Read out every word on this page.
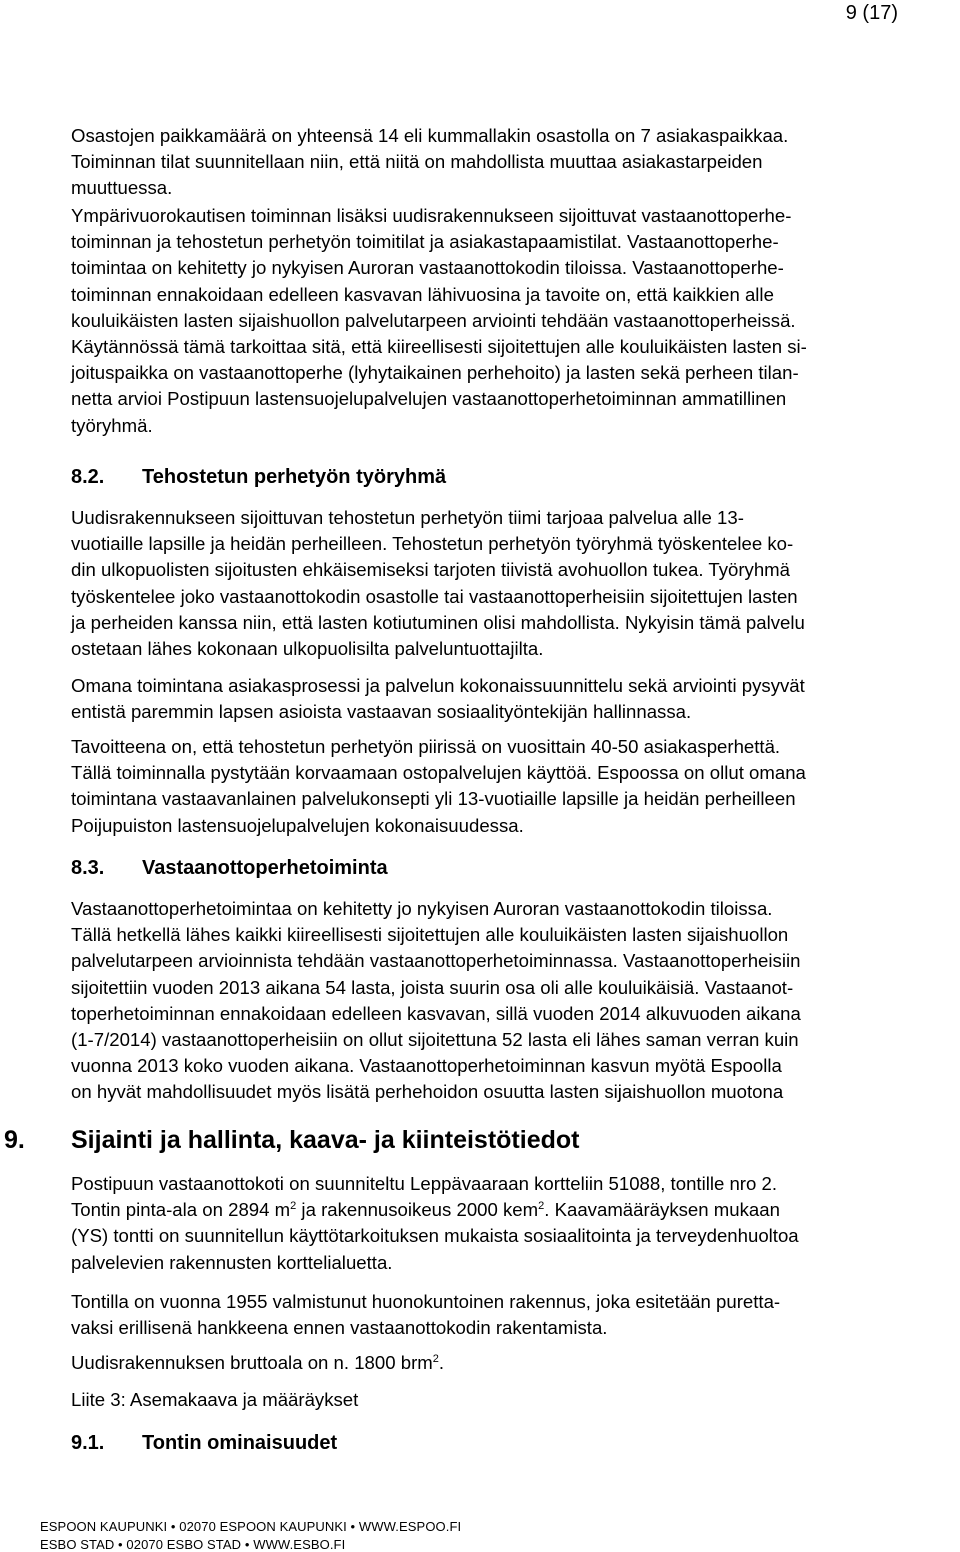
9 (17)

Osastojen paikkamäärä on yhteensä 14 eli kummallakin osastolla on 7 asiakaspaikkaa.
Toiminnan tilat suunnitellaan niin, että niitä on mahdollista muuttaa asiakastarpeiden
muuttuessa.

Ympärivuorokautisen toiminnan lisäksi uudisrakennukseen sijoittuvat vastaanottoperhe-
toiminnan ja tehostetun perhetyön toimitilat ja asiakastapaamistilat. Vastaanottoperhe-
toimintaa on kehitetty jo nykyisen Auroran vastaanottokodin tiloissa. Vastaanottoperhe-
toiminnan ennakoidaan edelleen kasvavan lähivuosina ja tavoite on, että kaikkien alle
kouluikäisten lasten sijaishuollon palvelutarpeen arviointi tehdään vastaanottoperheissä.
Käytännössä tämä tarkoittaa sitä, että kiireellisesti sijoitettujen alle kouluikäisten lasten si-
joituspaikka on vastaanottoperhe (lyhytaikainen perhehoito) ja lasten sekä perheen tilan-
netta arvioi Postipuun lastensuojelupalvelujen vastaanottoperhetoiminnan ammatillinen
työryhmä.

8.2. Tehostetun perhetyön työryhmä

Uudisrakennukseen sijoittuvan tehostetun perhetyön tiimi tarjoaa palvelua alle 13-
vuotiaille lapsille ja heidän perheilleen. Tehostetun perhetyön työryhmä työskentelee ko-
din ulkopuolisten sijoitusten ehkäisemiseksi tarjoten tiivistä avohuollon tukea. Työryhmä
työskentelee joko vastaanottokodin osastolle tai vastaanottoperheisiin sijoitettujen lasten
ja perheiden kanssa niin, että lasten kotiutuminen olisi mahdollista. Nykyisin tämä palvelu
ostetaan lähes kokonaan ulkopuolisilta palveluntuottajilta.

Omana toimintana asiakasprosessi ja palvelun kokonaissuunnittelu sekä arviointi pysyvät
entistä paremmin lapsen asioista vastaavan sosiaalityöntekijän hallinnassa.

Tavoitteena on, että tehostetun perhetyön piirissä on vuosittain 40-50 asiakasperhettä.
Tällä toiminnalla pystytään korvaamaan ostopalvelujen käyttöä. Espoossa on ollut omana
toimintana vastaavanlainen palvelukonsepti yli 13-vuotiaille lapsille ja heidän perheilleen
Poijupuiston lastensuojelupalvelujen kokonaisuudessa.

8.3. Vastaanottoperhetoiminta

Vastaanottoperhetoimintaa on kehitetty jo nykyisen Auroran vastaanottokodin tiloissa.
Tällä hetkellä lähes kaikki kiireellisesti sijoitettujen alle kouluikäisten lasten sijaishuollon
palvelutarpeen arvioinnista tehdään vastaanottoperhetoiminnassa. Vastaanottoperheisiin
sijoitettiin vuoden 2013 aikana 54 lasta, joista suurin osa oli alle kouluikäisiä. Vastaanot-
toperhetoiminnan ennakoidaan edelleen kasvavan, sillä vuoden 2014 alkuvuoden aikana
(1-7/2014) vastaanottoperheisiin on ollut sijoitettuna 52 lasta eli lähes saman verran kuin
vuonna 2013 koko vuoden aikana. Vastaanottoperhetoiminnan kasvun myötä Espoolla
on hyvät mahdollisuudet myös lisätä perhehoidon osuutta lasten sijaishuollon muotona

9. Sijainti ja hallinta, kaava- ja kiinteistötiedot

Postipuun vastaanottokoti on suunniteltu Leppävaaraan kortteliin 51088, tontille nro 2.
Tontin pinta-ala on 2894 $m^2$ ja rakennusoikeus 2000 kem$^2$. Kaavamääräyksen mukaan
(YS) tontti on suunnitellun käyttötarkoituksen mukaista sosiaalitointa ja terveydenhuoltoa
palvelevien rakennusten korttelialuetta.

Tontilla on vuonna 1955 valmistunut huonokuntoinen rakennus, joka esitetään puretta-
vaksi erillisenä hankkeena ennen vastaanottokodin rakentamista.

Uudisrakennuksen bruttoala on n. 1800 brm$^2$.

Liite 3: Asemakaava ja määräykset

9.1. Tontin ominaisuudet
ESPOON KAUPUNKI • 02070 ESPOON KAUPUNKI • WWW.ESPOO.FI
ESBO STAD • 02070 ESBO STAD • WWW.ESBO.FI
